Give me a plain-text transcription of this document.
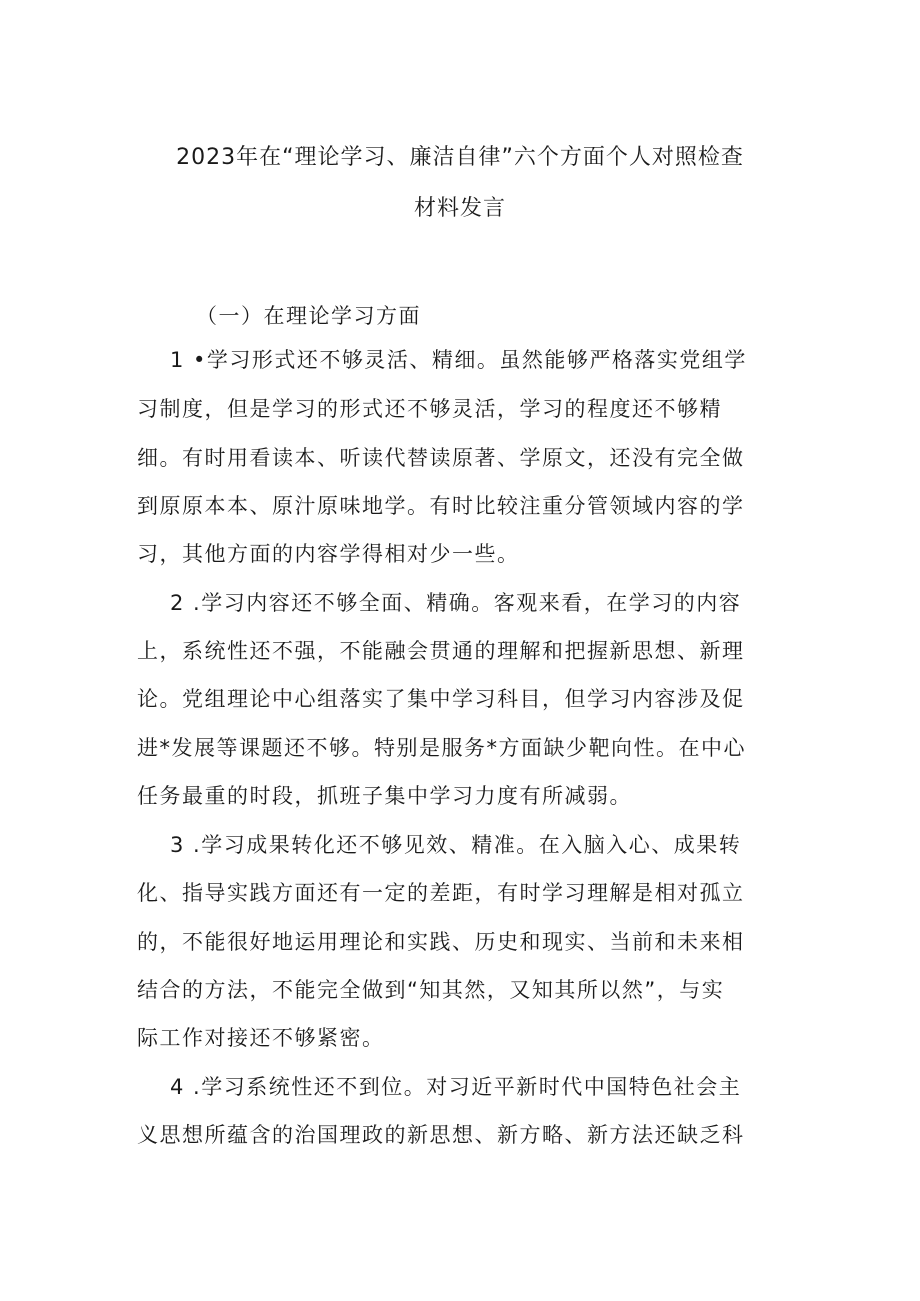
2023年在“理论学习、廉洁自律”六个方面个人对照检查
材料发言
（一）在理论学习方面
1 •学习形式还不够灵活、精细。虽然能够严格落实党组学
习制度，但是学习的形式还不够灵活，学习的程度还不够精
细。有时用看读本、听读代替读原著、学原文，还没有完全做
到原原本本、原汁原味地学。有时比较注重分管领域内容的学
习，其他方面的内容学得相对少一些。
2 .学习内容还不够全面、精确。客观来看，在学习的内容
上，系统性还不强，不能融会贯通的理解和把握新思想、新理
论。党组理论中心组落实了集中学习科目，但学习内容涉及促
进*发展等课题还不够。特别是服务*方面缺少靶向性。在中心
任务最重的时段，抓班子集中学习力度有所减弱。
3 .学习成果转化还不够见效、精准。在入脑入心、成果转
化、指导实践方面还有一定的差距，有时学习理解是相对孤立
的，不能很好地运用理论和实践、历史和现实、当前和未来相
结合的方法，不能完全做到“知其然，又知其所以然”，与实
际工作对接还不够紧密。
4 .学习系统性还不到位。对习近平新时代中国特色社会主
义思想所蕴含的治国理政的新思想、新方略、新方法还缺乏科
